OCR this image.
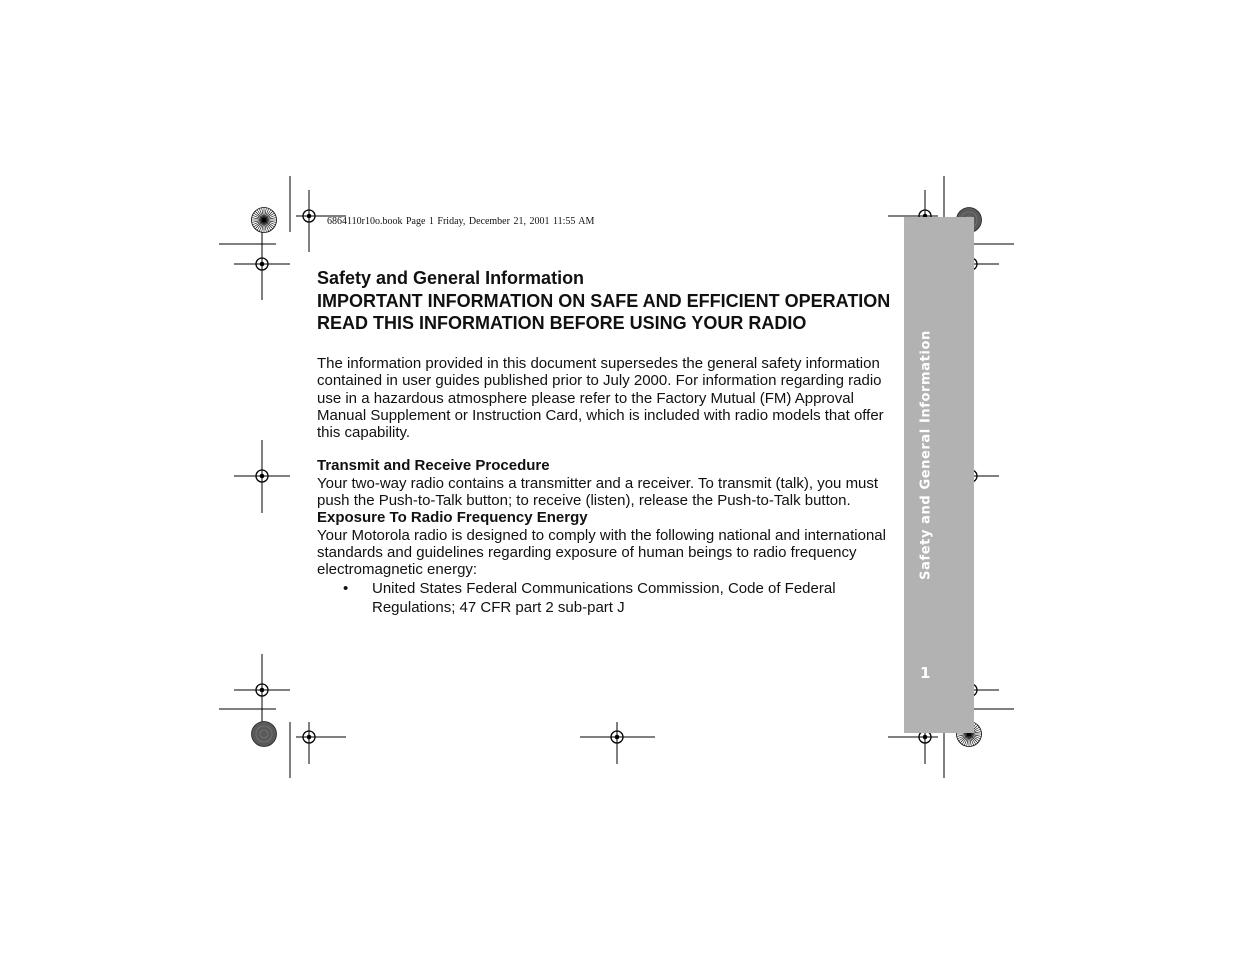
6864110r10o.book Page 1 Friday, December 21, 2001 11:55 AM
Safety and General Information
1
Safety and General Information
IMPORTANT INFORMATION ON SAFE AND EFFICIENT OPERATION
READ THIS INFORMATION BEFORE USING YOUR RADIO

The information provided in this document supersedes the general safety information contained in user guides published prior to July 2000. For information regarding radio use in a hazardous atmosphere please refer to the Factory Mutual (FM) Approval Manual Supplement or Instruction Card, which is included with radio models that offer this capability.

Transmit and Receive Procedure

Your two-way radio contains a transmitter and a receiver. To transmit (talk), you must push the Push-to-Talk button; to receive (listen), release the Push-to-Talk button.

Exposure To Radio Frequency Energy

Your Motorola radio is designed to comply with the following national and international standards and guidelines regarding exposure of human beings to radio frequency electromagnetic energy:

• United States Federal Communications Commission, Code of Federal Regulations; 47 CFR part 2 sub-part J
